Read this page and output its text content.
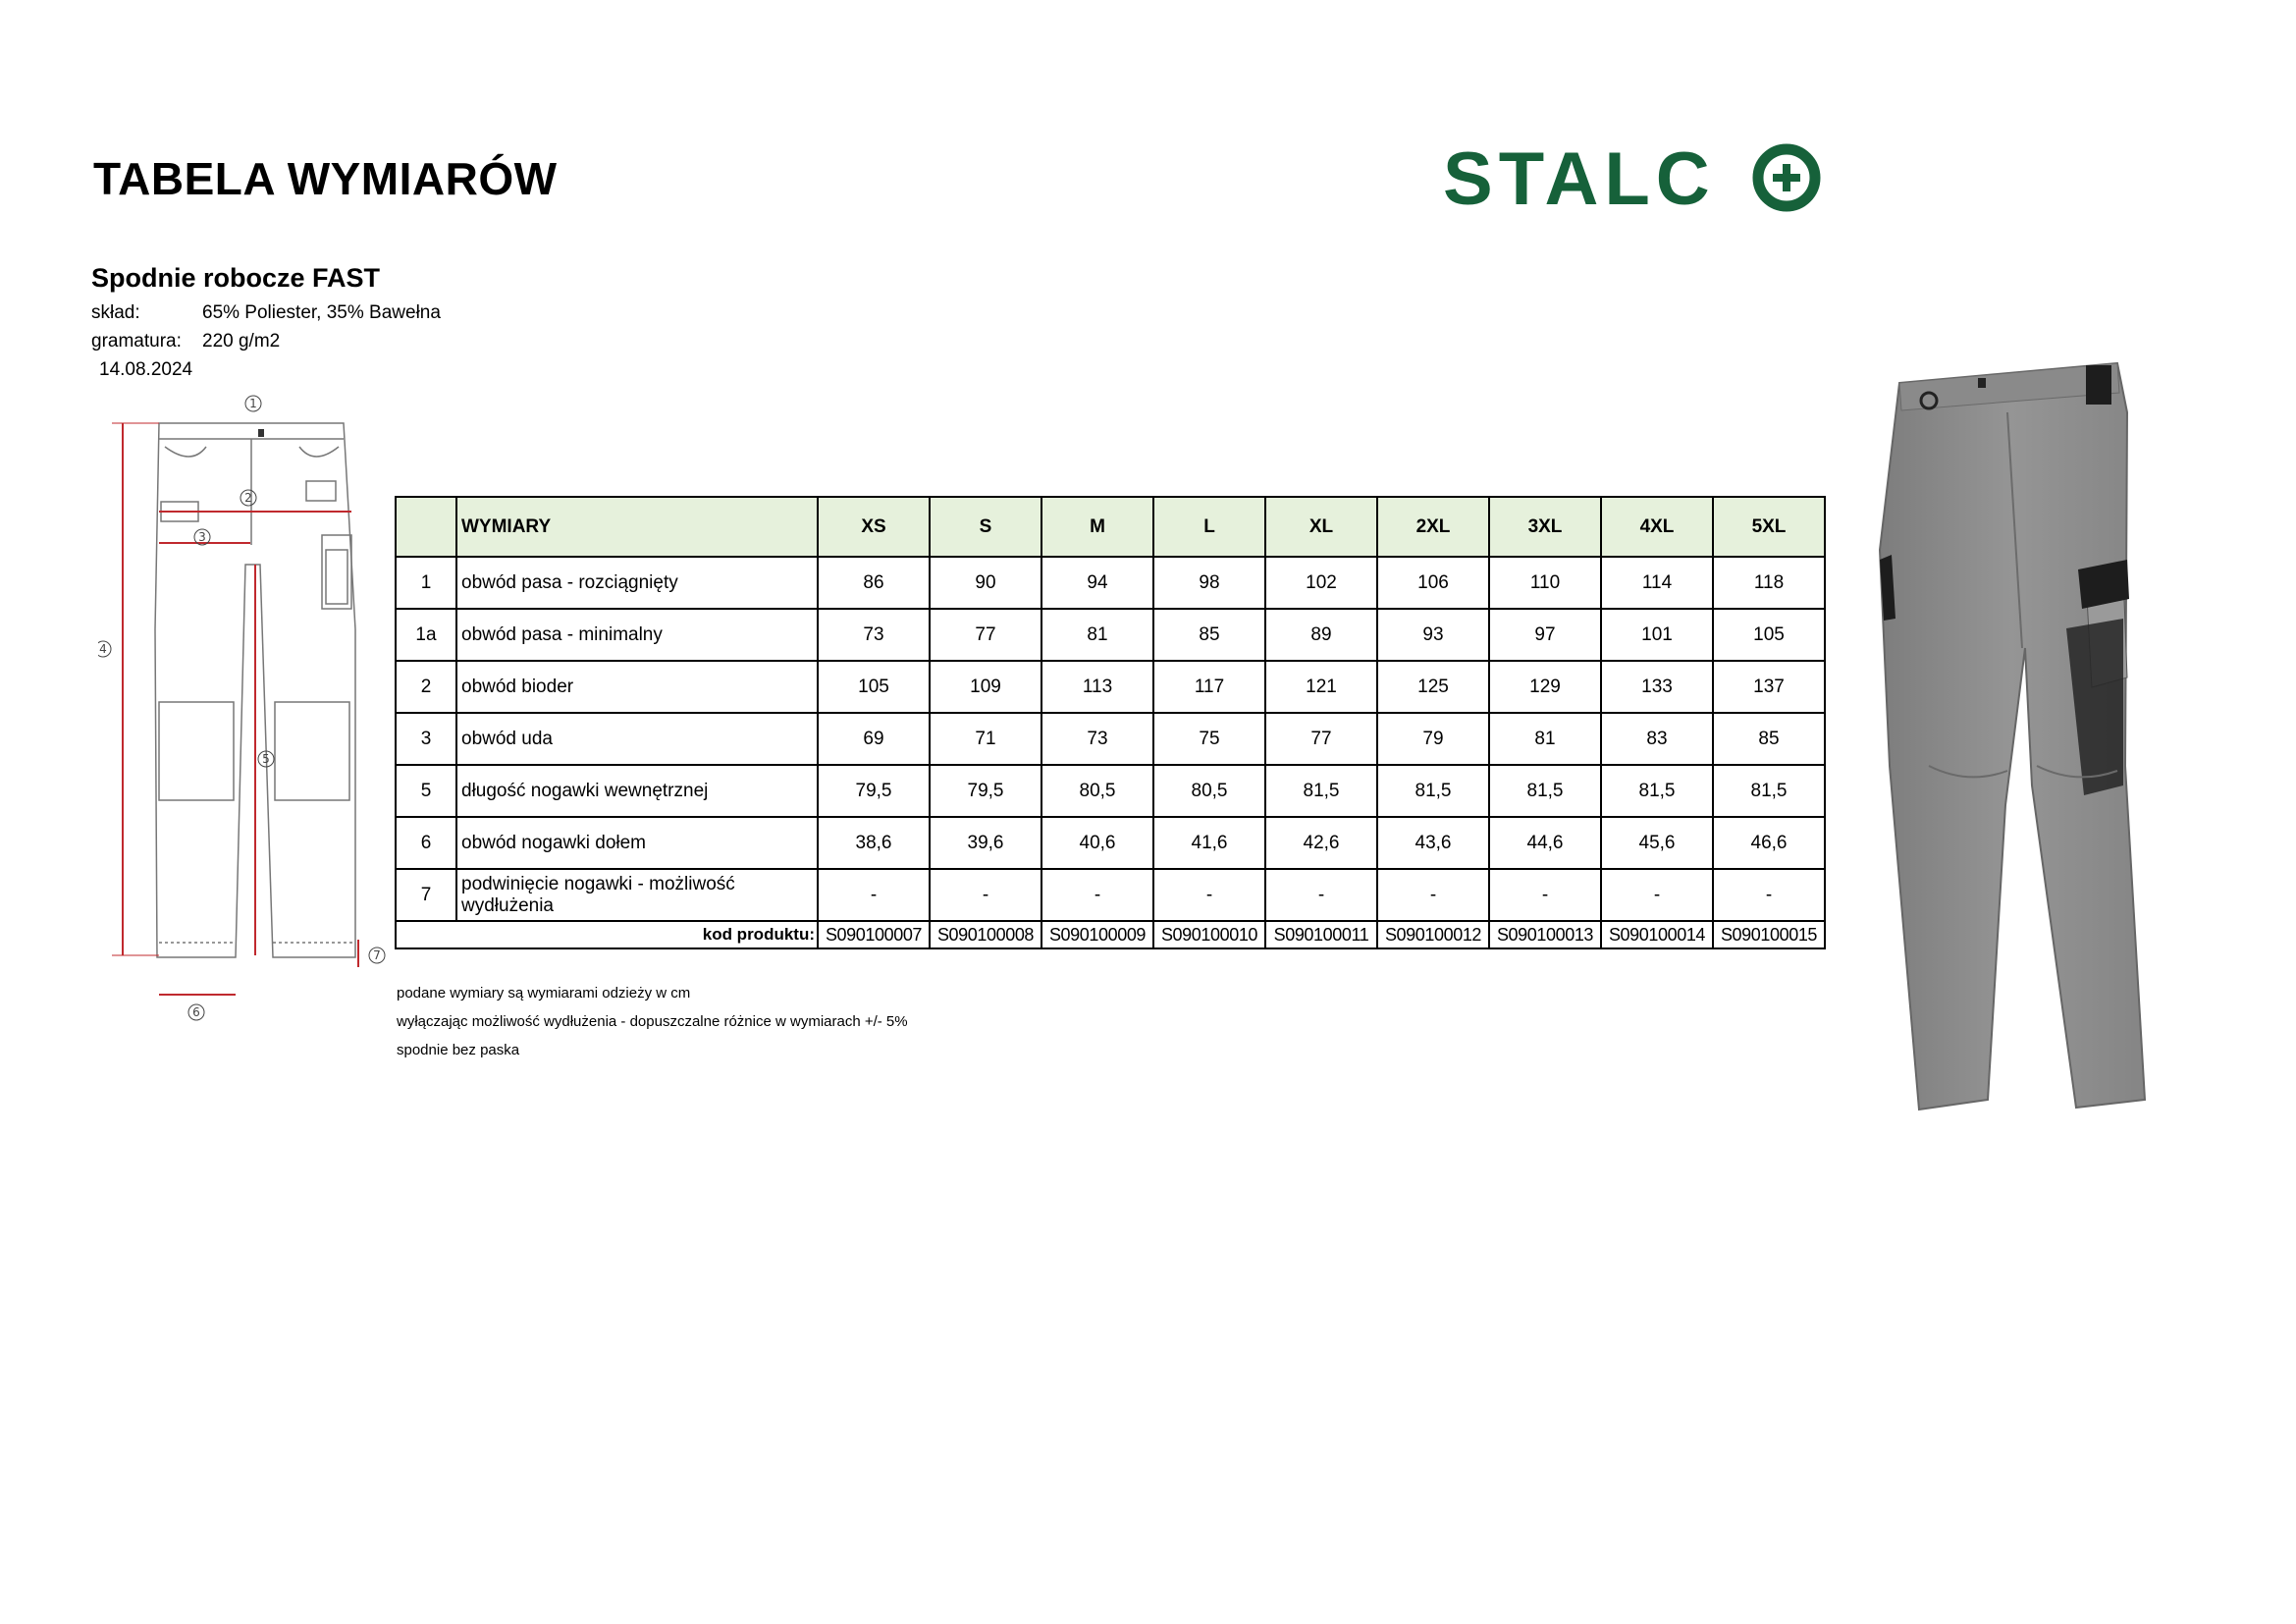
TABELA WYMIARÓW	STALC
Spodnie robocze FAST
skład:	65% Poliester, 35% Bawełna
gramatura: 220 g/m2
14.08.2024
1
2
3
4
5
6
7
	WYMIARY	XS	S	M	L	XL	2XL	3XL	4XL	5XL
1	obwód pasa - rozciągnięty	86	90	94	98	102	106	110	114	118
1a	obwód pasa - minimalny	73	77	81	85	89	93	97	101	105
2	obwód bioder	105	109	113	117	121	125	129	133	137
3	obwód uda	69	71	73	75	77	79	81	83	85
5	długość nogawki wewnętrznej	79,5	79,5	80,5	80,5	81,5	81,5	81,5	81,5	81,5
6	obwód nogawki dołem	38,6	39,6	40,6	41,6	42,6	43,6	44,6	45,6	46,6
7	podwinięcie nogawki - możliwość wydłużenia	-	-	-	-	-	-	-	-	-
kod produktu:		S090100007	S090100008	S090100009	S090100010	S090100011	S090100012	S090100013	S090100014	S090100015
podane wymiary są wymiarami odzieży w cm
wyłączając możliwość wydłużenia - dopuszczalne różnice w wymiarach +/- 5%
spodnie bez paska
